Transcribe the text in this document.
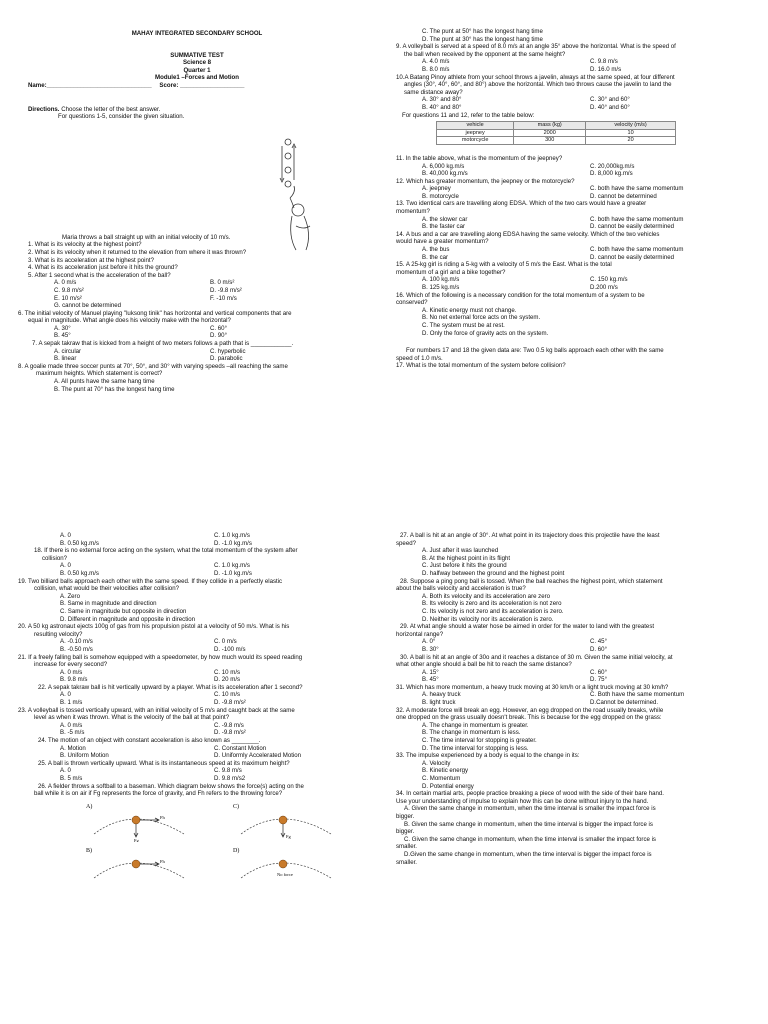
MAHAY INTEGRATED SECONDARY SCHOOL
SUMMATIVE TEST
Science 8
Quarter 1
Module1 –Forces and Motion
Name:_______________________________ Score: ___________________
Directions. Choose the letter of the best answer.
For questions 1-5, consider the given situation.
Maria throws a ball straight up with an initial velocity of 10 m/s.
1. What is its velocity at the highest point?
2. What is its velocity when it returned to the elevation from where it was thrown?
3. What is its acceleration at the highest point?
4. What is its acceleration just before it hits the ground?
5. After 1 second what is the acceleration of the ball?
A. 0 m/s	B. 0 m/s²
C. 9.8 m/s²	D. -9.8 m/s²
E. 10 m/s²	F. -10 m/s
G. cannot be determined
6. The initial velocity of Manuel playing "luksong tinik" has horizontal and vertical components that are
equal in magnitude. What angle does his velocity make with the horizontal?
A. 30°	C. 60°
B. 45°	D. 90°
7. A sepak takraw that is kicked from a height of two meters follows a path that is ____________.
A. circular	C. hyperbolic
B. linear	D. parabolic
8. A goalie made three soccer punts at 70°, 50°, and 30° with varying speeds –all reaching the same
maximum heights. Which statement is correct?
A. All punts have the same hang time
B. The punt at 70° has the longest hang time
C. The punt at 50° has the longest hang time
D. The punt at 30° has the longest hang time
9. A volleyball is served at a speed of 8.0 m/s at an angle 35° above the horizontal. What is the speed of
the ball when received by the opponent at the same height?
A. 4.0 m/s	C. 9.8 m/s
B. 8.0 m/s	D. 16.0 m/s
10.A Batang Pinoy athlete from your school throws a javelin, always at the same speed, at four different
angles (30°, 40°, 60°, and 80°) above the horizontal. Which two throws cause the javelin to land the
same distance away?
A. 30° and 80°	C. 30° and 60°
B. 40° and 80°	D. 40° and 60°
For questions 11 and 12, refer to the table below:
vehicle	mass (kg)	velocity (m/s)
jeepney	2000	10
motorcycle	300	20
11. In the table above, what is the momentum of the jeepney?
A. 6,000 kg.m/s	C. 20,000kg.m/s
B. 40,000 kg.m/s	D. 8,000 kg.m/s
12. Which has greater momentum, the jeepney or the motorcycle?
A. jeepney	C. both have the same momentum
B. motorcycle	D. cannot be determined
13. Two identical cars are travelling along EDSA. Which of the two cars would have a greater
momentum?
A. the slower car	C. both have the same momentum
B. the faster car	D. cannot be easily determined
14. A bus and a car are travelling along EDSA having the same velocity. Which of the two vehicles
would have a greater momentum?
A. the bus	C. both have the same momentum
B. the car	D. cannot be easily determined
15. A 25-kg girl is riding a 5-kg with a velocity of 5 m/s the East. What is the total
momentum of a girl and a bike together?
A. 100 kg.m/s	C. 150 kg.m/s
B. 125 kg.m/s	D.200 m/s
16. Which of the following is a necessary condition for the total momentum of a system to be
conserved?
A. Kinetic energy must not change.
B. No net external force acts on the system.
C. The system must be at rest.
D. Only the force of gravity acts on the system.
For numbers 17 and 18 the given data are: Two 0.5 kg balls approach each other with the same
speed of 1.0 m/s.
17. What is the total momentum of the system before collision?
A. 0	C. 1.0 kg.m/s
B. 0.50 kg.m/s	D. -1.0 kg.m/s
18. If there is no external force acting on the system, what the total momentum of the system after
collision?
A. 0	C. 1.0 kg.m/s
B. 0.50 kg.m/s	D. -1.0 kg.m/s
19. Two billiard balls approach each other with the same speed. If they collide in a perfectly elastic
collision, what would be their velocities after collision?
A. Zero
B. Same in magnitude and direction
C. Same in magnitude but opposite in direction
D. Different in magnitude and opposite in direction
20. A 50 kg astronaut ejects 100g of gas from his propulsion pistol at a velocity of 50 m/s. What is his
resulting velocity?
A. -0.10 m/s	C. 0 m/s
B. -0.50 m/s	D. -100 m/s
21. If a freely falling ball is somehow equipped with a speedometer, by how much would its speed reading
increase for every second?
A. 0 m/s	C. 10 m/s
B. 9.8 m/s	D. 20 m/s
22. A sepak takraw ball is hit vertically upward by a player. What is its acceleration after 1 second?
A. 0	C. 10 m/s
B. 1 m/s	D. -9.8 m/s²
23. A volleyball is tossed vertically upward, with an initial velocity of 5 m/s and caught back at the same
level as when it was thrown. What is the velocity of the ball at that point?
A. 0 m/s	C. -9.8 m/s
B. -5 m/s	D. -9.8 m/s²
24. The motion of an object with constant acceleration is also known as ________.
A. Motion	C. Constant Motion
B. Uniform Motion	D. Uniformly Accelerated Motion
25. A ball is thrown vertically upward. What is its instantaneous speed at its maximum height?
A. 0	C. 9.8 m/s
B. 5 m/s	D. 9.8 m/s2
26. A fielder throws a softball to a baseman. Which diagram below shows the force(s) acting on the
ball while it is on air if Fg represents the force of gravity, and Fh refers to the throwing force?
A)
Fh
Fg
C)
Fg
B)
Fh
D)
No force
27. A ball is hit at an angle of 30°. At what point in its trajectory does this projectile have the least
speed?
A. Just after it was launched
B. At the highest point in its flight
C. Just before it hits the ground
D. halfway between the ground and the highest point
28. Suppose a ping pong ball is tossed. When the ball reaches the highest point, which statement
about the balls velocity and acceleration is true?
A. Both its velocity and its acceleration are zero
B. Its velocity is zero and its acceleration is not zero
C. Its velocity is not zero and its acceleration is zero.
D. Neither its velocity nor its acceleration is zero.
29. At what angle should a water hose be aimed in order for the water to land with the greatest
horizontal range?
A. 0°	C. 45°
B. 30°	D. 60°
30. A ball is hit at an angle of 30o and it reaches a distance of 30 m. Given the same initial velocity, at
what other angle should a ball be hit to reach the same distance?
A. 15°	C. 60°
B. 45°	D. 75°
31. Which has more momentum, a heavy truck moving at 30 km/h or a light truck moving at 30 km/h?
A. heavy truck	C. Both have the same momentum
B. light truck	D.Cannot be determined.
32. A moderate force will break an egg. However, an egg dropped on the road usually breaks, while
one dropped on the grass usually doesn't break. This is because for the egg dropped on the grass:
A. The change in momentum is greater.
B. The change in momentum is less.
C. The time interval for stopping is greater.
D. The time interval for stopping is less.
33. The impulse experienced by a body is equal to the change in its:
A. Velocity
B. Kinetic energy
C. Momentum
D. Potential energy
34. In certain martial arts, people practice breaking a piece of wood with the side of their bare hand.
Use your understanding of impulse to explain how this can be done without injury to the hand.
A. Given the same change in momentum, when the time interval is smaller the impact force is
bigger.
B. Given the same change in momentum, when the time interval is bigger the impact force is
bigger.
C. Given the same change in momentum, when the time interval is smaller the impact force is
smaller.
D.Given the same change in momentum, when the time interval is bigger the impact force is
smaller.
